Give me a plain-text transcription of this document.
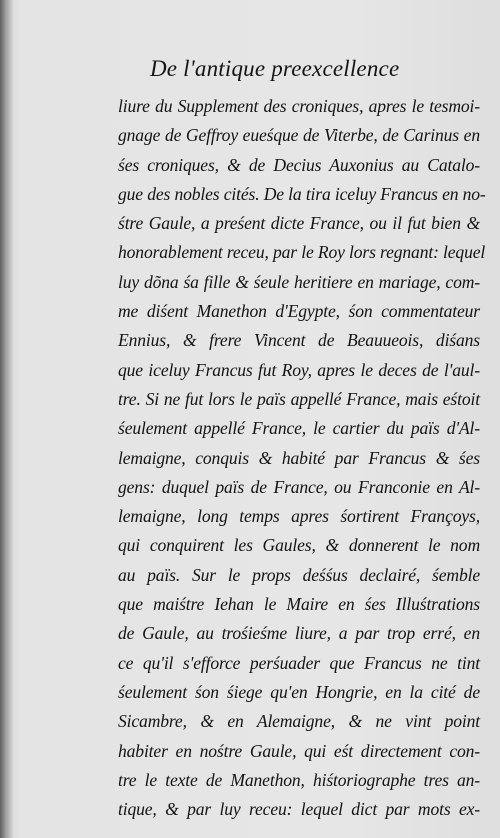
De l'antique preexcellence
liure du Supplement des croniques, apres le tesmoi-
gnage de Geffroy eueśque de Viterbe, de Carinus en
śes croniques, & de Decius Auxonius au Catalo-
gue des nobles cités. De la tira iceluy Francus en no-
śtre Gaule, a preśent dicte France, ou il fut bien &
honorablement receu, par le Roy lors regnant: lequel
luy dõna śa fille & śeule heritiere en mariage, com-
me diśent Manethon d'Egypte, śon commentateur
Ennius, & frere Vincent de Beauueois, diśans
que iceluy Francus fut Roy, apres le deces de l'aul-
tre. Si ne fut lors le païs appellé France, mais eśtoit
śeulement appellé France, le cartier du païs d'Al-
lemaigne, conquis & habité par Francus & śes
gens: duquel païs de France, ou Franconie en Al-
lemaigne, long temps apres śortirent Françoys,
qui conquirent les Gaules, & donnerent le nom
au païs. Sur le props deśśus declairé, śemble
que maiśtre Iehan le Maire en śes Illuśtrations
de Gaule, au trośieśme liure, a par trop erré, en
ce qu'il s'efforce perśuader que Francus ne tint
śeulement śon śiege qu'en Hongrie, en la cité de
Sicambre, & en Alemaigne, & ne vint point
habiter en nośtre Gaule, qui eśt directement con-
tre le texte de Manethon, hiśtoriographe tres an-
tique, & par luy receu: lequel dict par mots ex-
